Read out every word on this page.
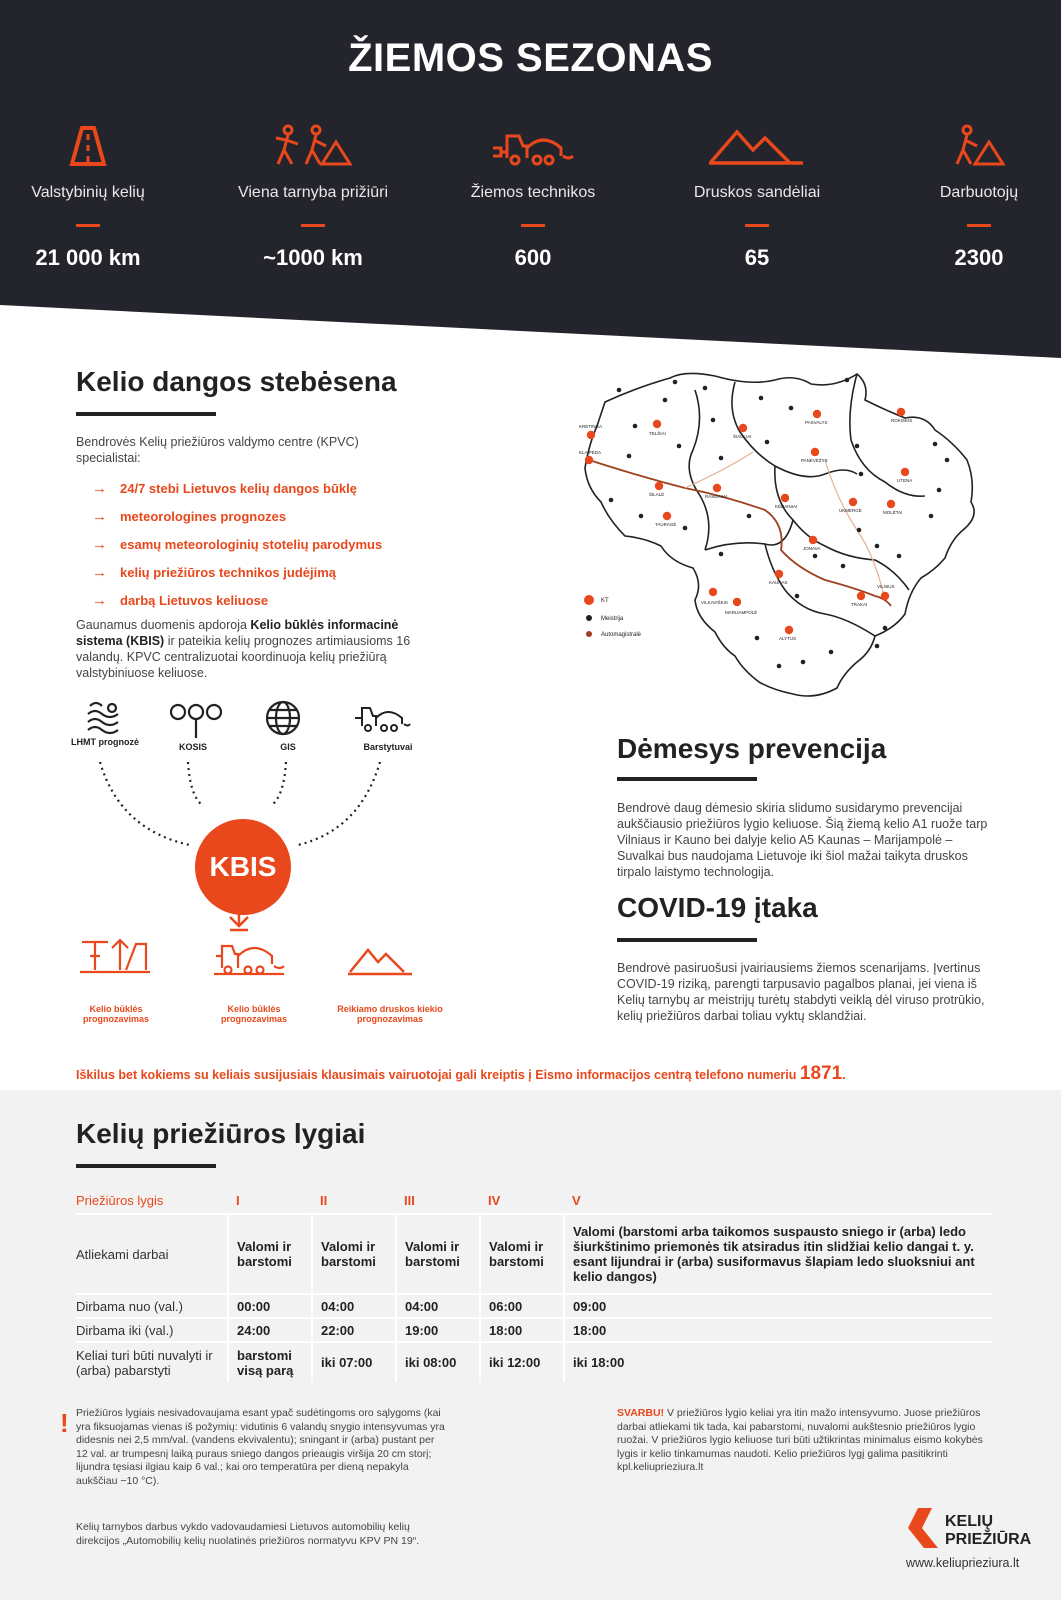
ŽIEMOS SEZONAS
Valstybinių kelių
21 000 km
Viena tarnyba prižiūri
~1000 km
Žiemos technikos
600
Druskos sandėliai
65
Darbuotojų
2300
Kelio dangos stebėsena
Bendrovės Kelių priežiūros valdymo centre (KPVC) specialistai:
→	24/7 stebi Lietuvos kelių dangos būklę
→	meteorologines prognozes
→	esamų meteorologinių stotelių parodymus
→	kelių priežiūros technikos judėjimą
→	darbą Lietuvos keliuose
Gaunamus duomenis apdoroja Kelio būklės informacinė sistema (KBIS) ir pateikia kelių prognozes artimiausioms 16 valandų. KPVC centralizuotai koordinuoja kelių priežiūrą valstybiniuose keliuose.
LHMT prognozė	KOSIS	GIS	Barstytuvai
KBIS
Kelio būklės prognozavimas
Kelio būklės prognozavimas
Reikiamo druskos kiekio prognozavimas
KLAIPĖDA
KRETINGA
TELŠIAI
ŠIAULIAI
PANEVĖŽYS
PASVALYS	ROKIŠKIS
UTENA
UKMERGĖ	MOLĖTAI
KĖDAINIAI
RASEINIAI
TAURAGĖ
ŠILALĖ
JONAVA
KAUNAS
VILNIUS
TRAKAI
ALYTUS
MARIJAMPOLĖ
VILKAVIŠKIS
KT
Meistrija
Automagistralė
Dėmesys prevencija
Bendrovė daug dėmesio skiria slidumo susidarymo prevencijai aukščiausio priežiūros lygio keliuose. Šią žiemą kelio A1 ruože tarp Vilniaus ir Kauno bei dalyje kelio A5 Kaunas – Marijampolė – Suvalkai bus naudojama Lietuvoje iki šiol mažai taikyta druskos tirpalo laistymo technologija.
COVID-19 įtaka
Bendrovė pasiruošusi įvairiausiems žiemos scenarijams. Įvertinus COVID-19 riziką, parengti tarpusavio pagalbos planai, jei viena iš Kelių tarnybų ar meistrijų turėtų stabdyti veiklą dėl viruso protrūkio, kelių priežiūros darbai toliau vyktų sklandžiai.
Iškilus bet kokiems su keliais susijusiais klausimais vairuotojai gali kreiptis į Eismo informacijos centrą telefono numeriu 1871.
Kelių priežiūros lygiai
Priežiūros lygis	I	II	III	IV	V
Atliekami darbai	Valomi ir barstomi	Valomi ir barstomi	Valomi ir barstomi	Valomi ir barstomi	Valomi (barstomi arba taikomos suspausto sniego ir (arba) ledo šiurkštinimo priemonės tik atsiradus itin slidžiai kelio dangai t. y. esant lijundrai ir (arba) susiformavus šlapiam ledo sluoksniui ant kelio dangos)
Dirbama nuo (val.)	00:00	04:00	04:00	06:00	09:00
Dirbama iki (val.)	24:00	22:00	19:00	18:00	18:00
Keliai turi būti nuvalyti ir (arba) pabarstyti	barstomi visą parą	iki 07:00	iki 08:00	iki 12:00	iki 18:00
! Priežiūros lygiais nesivadovaujama esant ypač sudėtingoms oro sąlygoms (kai yra fiksuojamas vienas iš požymių: vidutinis 6 valandų snygio intensyvumas yra didesnis nei 2,5 mm/val. (vandens ekvivalentu); sningant ir (arba) pustant per 12 val. ar trumpesnį laiką puraus sniego dangos prieaugis viršija 20 cm storį; lijundra tęsiasi ilgiau kaip 6 val.; kai oro temperatūra per dieną nepakyla aukščiau −10 °C).
Kelių tarnybos darbus vykdo vadovaudamiesi Lietuvos automobilių kelių direkcijos „Automobilių kelių nuolatinės priežiūros normatyvu KPV PN 19“.
SVARBU! V priežiūros lygio keliai yra itin mažo intensyvumo. Juose priežiūros darbai atliekami tik tada, kai pabarstomi, nuvalomi aukštesnio priežiūros lygio ruožai. V priežiūros lygio keliuose turi būti užtikrintas minimalus eismo kokybės lygis ir kelio tinkamumas naudoti. Kelio priežiūros lygį galima pasitikrinti kpl.keliuprieziura.lt
KELIŲ
PRIEŽIŪRA
www.keliuprieziura.lt
